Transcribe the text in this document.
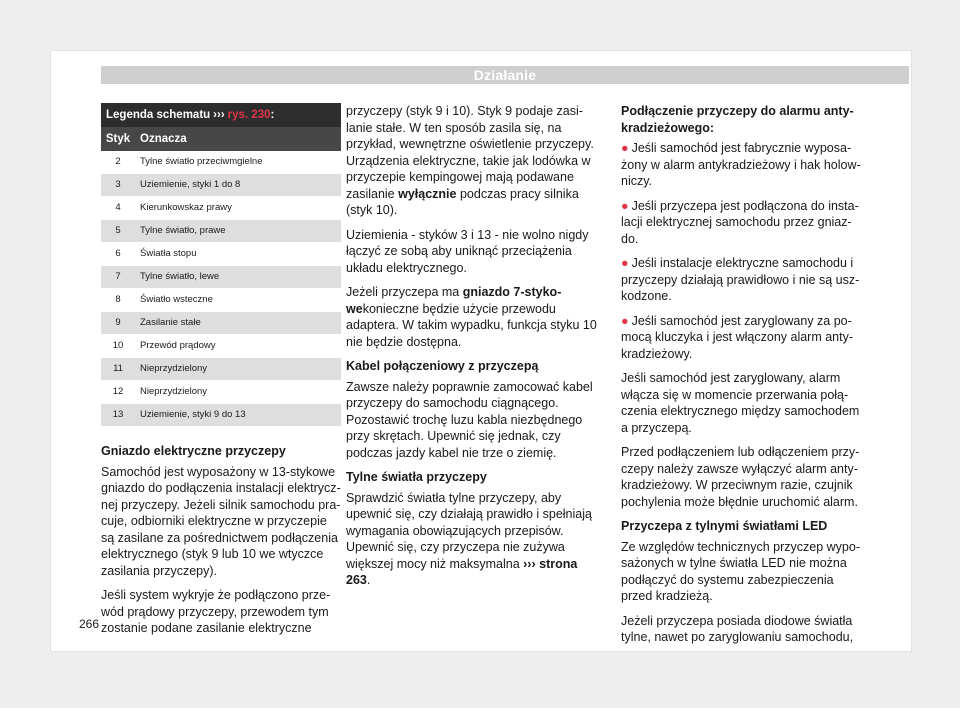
Działanie
Legenda schematu ››› rys. 230:
Styk Oznacza
2	Tylne światło przeciwmgielne
3	Uziemienie, styki 1 do 8
4	Kierunkowskaz prawy
5	Tylne światło, prawe
6	Światła stopu
7	Tylne światło, lewe
8	Światło wsteczne
9	Zasilanie stałe
10	Przewód prądowy
11	Nieprzydzielony
12	Nieprzydzielony
13	Uziemienie, styki 9 do 13
Gniazdo elektryczne przyczepy

Samochód jest wyposażony w 13-stykowe gniazdo do podłączenia instalacji elektrycznej przyczepy. Jeżeli silnik samochodu pracuje, odbiorniki elektryczne w przyczepie są zasilane za pośrednictwem podłączenia elektrycznego (styk 9 lub 10 we wtyczce zasilania przyczepy).

Jeśli system wykryje że podłączono przewód prądowy przyczepy, przewodem tym zostanie podane zasilanie elektryczne

przyczepy (styk 9 i 10). Styk 9 podaje zasilanie stałe. W ten sposób zasila się, na przykład, wewnętrzne oświetlenie przyczepy. Urządzenia elektryczne, takie jak lodówka w przyczepie kempingowej mają podawane zasilanie wyłącznie podczas pracy silnika (styk 10).

Uziemienia - styków 3 i 13 - nie wolno nigdy łączyć ze sobą aby uniknąć przeciążenia układu elektrycznego.

Jeżeli przyczepa ma gniazdo 7-stykowekonieczne będzie użycie przewodu adaptera. W takim wypadku, funkcja styku 10 nie będzie dostępna.

Kabel połączeniowy z przyczepą

Zawsze należy poprawnie zamocować kabel przyczepy do samochodu ciągnącego. Pozostawić trochę luzu kabla niezbędnego przy skrętach. Upewnić się jednak, czy podczas jazdy kabel nie trze o ziemię.

Tylne światła przyczepy

Sprawdzić światła tylne przyczepy, aby upewnić się, czy działają prawidło i spełniają wymagania obowiązujących przepisów. Upewnić się, czy przyczepa nie zużywa większej mocy niż maksymalna ››› strona 263.

Podłączenie przyczepy do alarmu antykradzieżowego:

● Jeśli samochód jest fabrycznie wyposażony w alarm antykradzieżowy i hak holowniczy.

● Jeśli przyczepa jest podłączona do instalacji elektrycznej samochodu przez gniazdo.

● Jeśli instalacje elektryczne samochodu i przyczepy działają prawidłowo i nie są uszkodzone.

● Jeśli samochód jest zaryglowany za pomocą kluczyka i jest włączony alarm antykradzieżowy.

Jeśli samochód jest zaryglowany, alarm włącza się w momencie przerwania połączenia elektrycznego między samochodem a przyczepą.

Przed podłączeniem lub odłączeniem przyczepy należy zawsze wyłączyć alarm antykradzieżowy. W przeciwnym razie, czujnik pochylenia może błędnie uruchomić alarm.

Przyczepa z tylnymi światłami LED

Ze względów technicznych przyczep wyposażonych w tylne światła LED nie można podłączyć do systemu zabezpieczenia przed kradzieżą.

Jeżeli przyczepa posiada diodowe światła tylne, nawet po zaryglowaniu samochodu,

266
